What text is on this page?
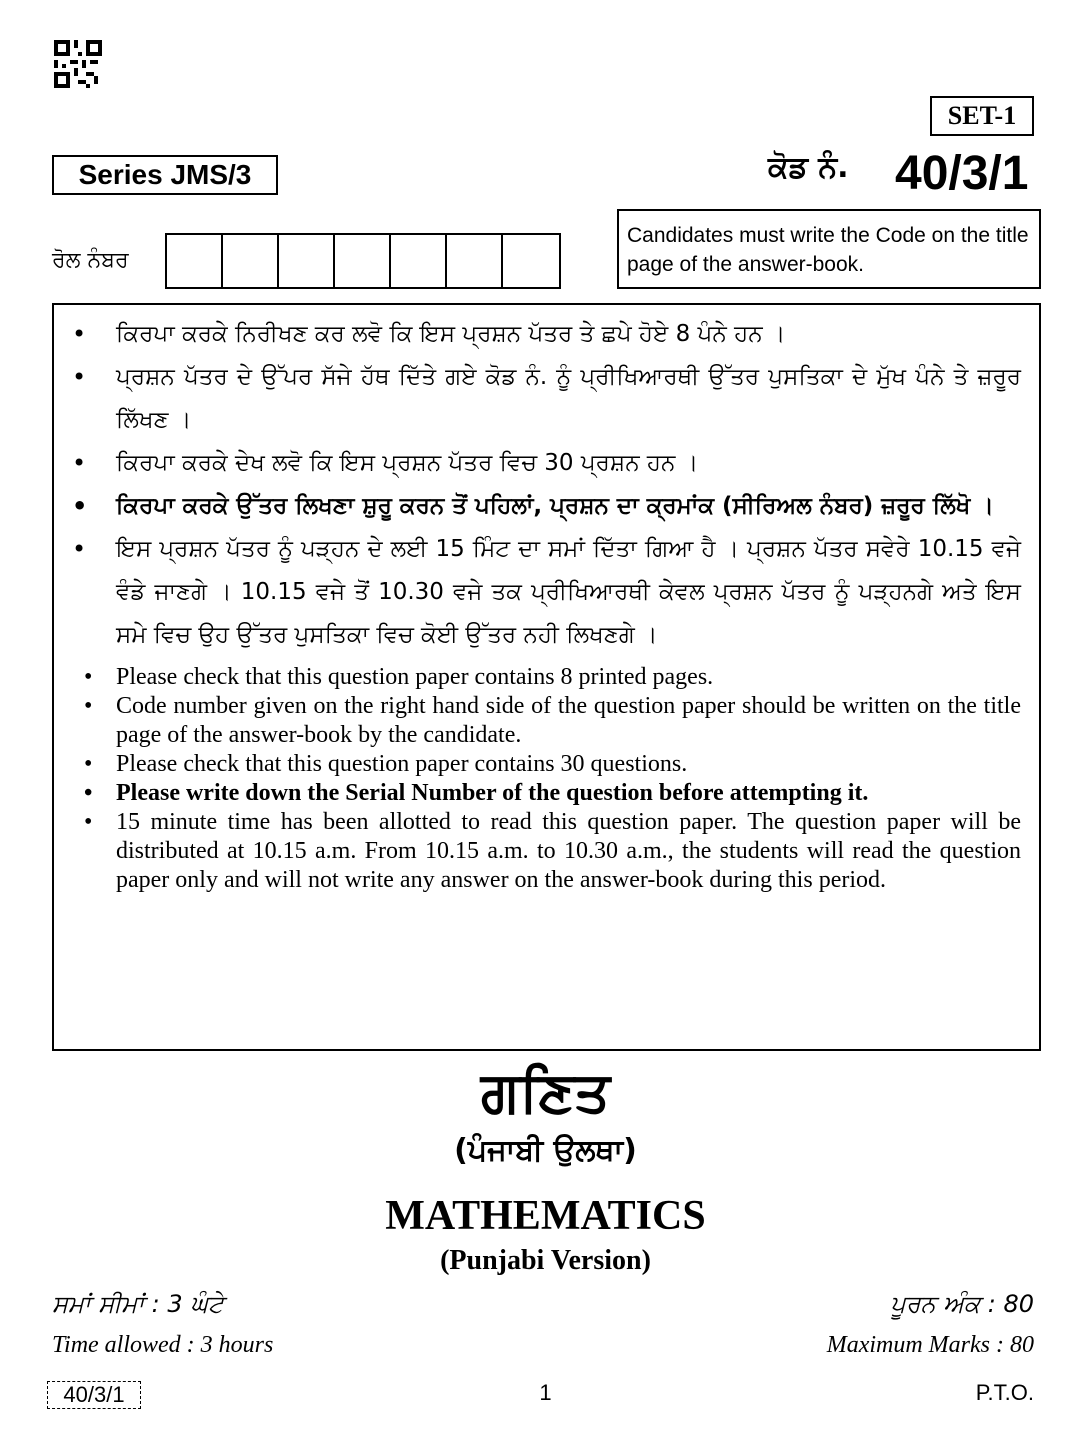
SET-1
Series JMS/3	ਕੋਡ ਨੰ. 40/3/1
ਰੋਲ ਨੰਬਰ
Candidates must write the Code on the title page of the answer-book.
• ਕਿਰਪਾ ਕਰਕੇ ਨਿਰੀਖਣ ਕਰ ਲਵੋ ਕਿ ਇਸ ਪ੍ਰਸ਼ਨ ਪੱਤਰ ਤੇ ਛਪੇ ਹੋਏ 8 ਪੰਨੇ ਹਨ ।
• ਪ੍ਰਸ਼ਨ ਪੱਤਰ ਦੇ ਉੱਪਰ ਸੱਜੇ ਹੱਥ ਦਿੱਤੇ ਗਏ ਕੋਡ ਨੰ. ਨੂੰ ਪ੍ਰੀਖਿਆਰਥੀ ਉੱਤਰ ਪੁਸਤਿਕਾ ਦੇ ਮੁੱਖ ਪੰਨੇ ਤੇ ਜ਼ਰੂਰ ਲਿੱਖਣ ।
• ਕਿਰਪਾ ਕਰਕੇ ਦੇਖ ਲਵੋ ਕਿ ਇਸ ਪ੍ਰਸ਼ਨ ਪੱਤਰ ਵਿਚ 30 ਪ੍ਰਸ਼ਨ ਹਨ ।
• ਕਿਰਪਾ ਕਰਕੇ ਉੱਤਰ ਲਿਖਣਾ ਸ਼ੁਰੂ ਕਰਨ ਤੋਂ ਪਹਿਲਾਂ, ਪ੍ਰਸ਼ਨ ਦਾ ਕ੍ਰਮਾਂਕ (ਸੀਰਿਅਲ ਨੰਬਰ) ਜ਼ਰੂਰ ਲਿੱਖੋ ।
• ਇਸ ਪ੍ਰਸ਼ਨ ਪੱਤਰ ਨੂੰ ਪੜ੍ਹਨ ਦੇ ਲਈ 15 ਮਿੰਟ ਦਾ ਸਮਾਂ ਦਿੱਤਾ ਗਿਆ ਹੈ । ਪ੍ਰਸ਼ਨ ਪੱਤਰ ਸਵੇਰੇ 10.15 ਵਜੇ ਵੰਡੇ ਜਾਣਗੇ । 10.15 ਵਜੇ ਤੋਂ 10.30 ਵਜੇ ਤਕ ਪ੍ਰੀਖਿਆਰਥੀ ਕੇਵਲ ਪ੍ਰਸ਼ਨ ਪੱਤਰ ਨੂੰ ਪੜ੍ਹਨਗੇ ਅਤੇ ਇਸ ਸਮੇ ਵਿਚ ਉਹ ਉੱਤਰ ਪੁਸਤਿਕਾ ਵਿਚ ਕੋਈ ਉੱਤਰ ਨਹੀ ਲਿਖਣਗੇ ।
• Please check that this question paper contains 8 printed pages.
• Code number given on the right hand side of the question paper should be written on the title page of the answer-book by the candidate.
• Please check that this question paper contains 30 questions.
• Please write down the Serial Number of the question before attempting it.
• 15 minute time has been allotted to read this question paper. The question paper will be distributed at 10.15 a.m. From 10.15 a.m. to 10.30 a.m., the students will read the question paper only and will not write any answer on the answer-book during this period.
ਗਣਿਤ
(ਪੰਜਾਬੀ ਉਲਥਾ)
MATHEMATICS
(Punjabi Version)
ਸਮਾਂ ਸੀਮਾਂ : 3 ਘੰਟੇ	ਪੂਰਨ ਅੰਕ : 80
Time allowed : 3 hours	Maximum Marks : 80
40/3/1	1	P.T.O.
